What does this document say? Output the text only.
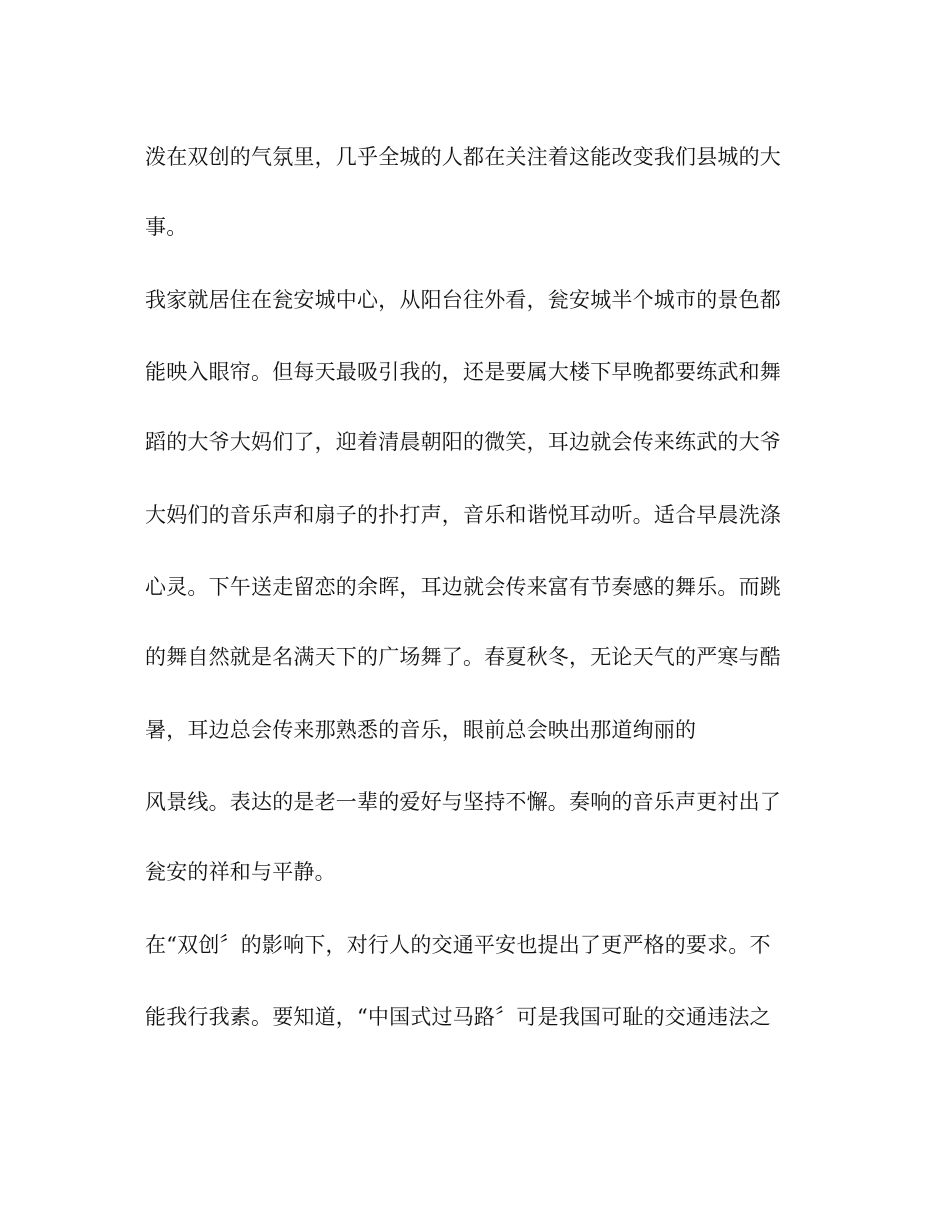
泼在双创的气氛里，几乎全城的人都在关注着这能改变我们县城的大
事。
我家就居住在瓮安城中心，从阳台往外看，瓮安城半个城市的景色都
能映入眼帘。但每天最吸引我的，还是要属大楼下早晚都要练武和舞
蹈的大爷大妈们了，迎着清晨朝阳的微笑，耳边就会传来练武的大爷
大妈们的音乐声和扇子的扑打声，音乐和谐悦耳动听。适合早晨洗涤
心灵。下午送走留恋的余晖，耳边就会传来富有节奏感的舞乐。而跳
的舞自然就是名满天下的广场舞了。春夏秋冬，无论天气的严寒与酷
暑，耳边总会传来那熟悉的音乐，眼前总会映出那道绚丽的
风景线。表达的是老一辈的爱好与坚持不懈。奏响的音乐声更衬出了
瓮安的祥和与平静。
在“双创〞的影响下，对行人的交通平安也提出了更严格的要求。不
能我行我素。要知道，“中国式过马路〞可是我国可耻的交通违法之
